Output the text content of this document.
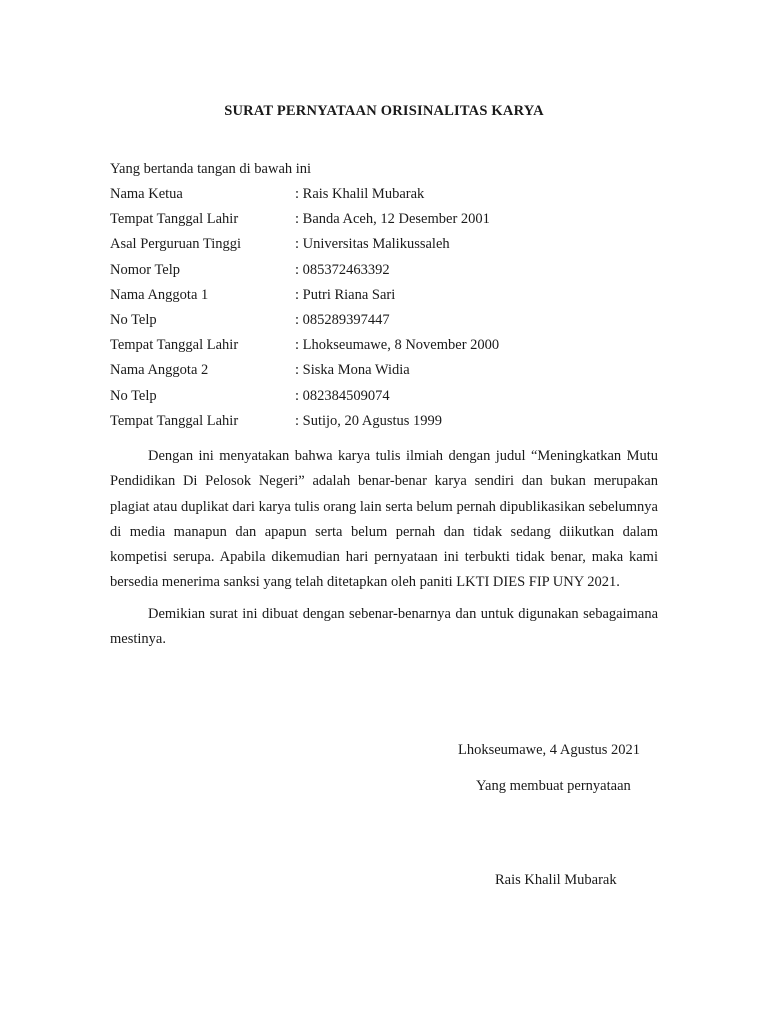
SURAT PERNYATAAN ORISINALITAS KARYA
Yang bertanda tangan di bawah ini
Nama Ketua	: Rais Khalil Mubarak
Tempat Tanggal Lahir	: Banda Aceh, 12 Desember 2001
Asal Perguruan Tinggi	: Universitas Malikussaleh
Nomor Telp	: 085372463392
Nama Anggota 1	: Putri Riana Sari
No Telp	: 085289397447
Tempat Tanggal Lahir	: Lhokseumawe, 8 November 2000
Nama Anggota 2	: Siska Mona Widia
No Telp	: 082384509074
Tempat Tanggal Lahir	: Sutijo, 20 Agustus 1999

Dengan ini menyatakan bahwa karya tulis ilmiah dengan judul “Meningkatkan Mutu Pendidikan Di Pelosok Negeri” adalah benar-benar karya sendiri dan bukan merupakan plagiat atau duplikat dari karya tulis orang lain serta belum pernah dipublikasikan sebelumnya di media manapun dan apapun serta belum pernah dan tidak sedang diikutkan dalam kompetisi serupa. Apabila dikemudian hari pernyataan ini terbukti tidak benar, maka kami bersedia menerima sanksi yang telah ditetapkan oleh paniti LKTI DIES FIP UNY 2021.

Demikian surat ini dibuat dengan sebenar-benarnya dan untuk digunakan sebagaimana mestinya.

Lhokseumawe, 4 Agustus 2021
Yang membuat pernyataan
Rais Khalil Mubarak
